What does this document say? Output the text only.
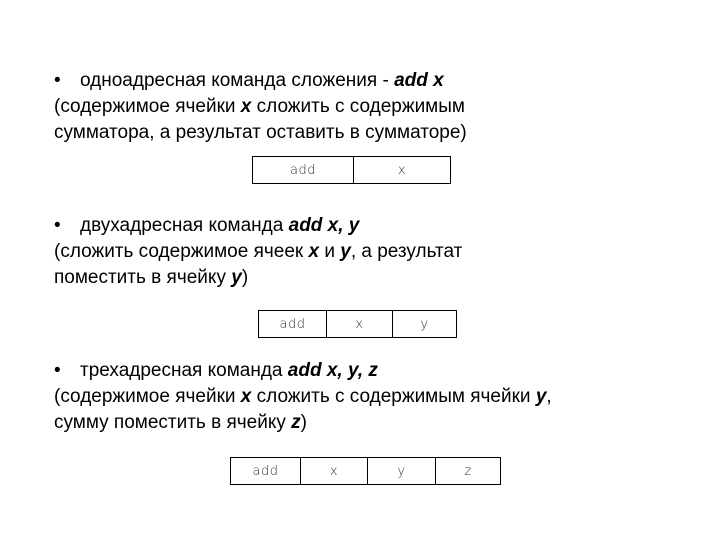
• одноадресная команда сложения - add x
(содержимое ячейки x сложить с содержимым
сумматора, а результат оставить в сумматоре)
add	x
• двухадресная команда add x, y
(сложить содержимое ячеек x и y, а результат
поместить в ячейку y)
add	x	y
• трехадресная команда add x, y, z
(содержимое ячейки x сложить с содержимым ячейки y,
сумму поместить в ячейку z)
add	x	y	z
